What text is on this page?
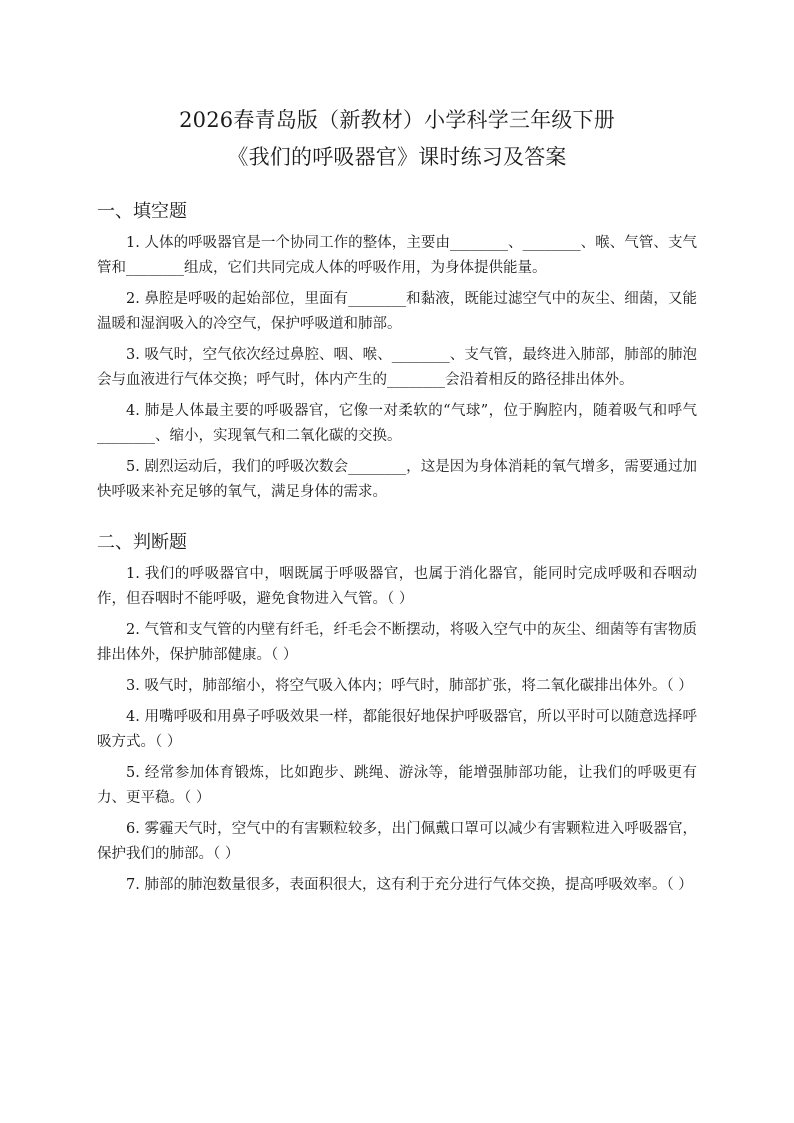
2026春青岛版（新教材）小学科学三年级下册
《我们的呼吸器官》课时练习及答案
一、填空题
1. 人体的呼吸器官是一个协同工作的整体，主要由________、________、喉、气管、支气管和________组成，它们共同完成人体的呼吸作用，为身体提供能量。
2. 鼻腔是呼吸的起始部位，里面有________和黏液，既能过滤空气中的灰尘、细菌，又能温暖和湿润吸入的冷空气，保护呼吸道和肺部。
3. 吸气时，空气依次经过鼻腔、咽、喉、________、支气管，最终进入肺部，肺部的肺泡会与血液进行气体交换；呼气时，体内产生的________会沿着相反的路径排出体外。
4. 肺是人体最主要的呼吸器官，它像一对柔软的“气球”，位于胸腔内，随着吸气和呼气________、缩小，实现氧气和二氧化碳的交换。
5. 剧烈运动后，我们的呼吸次数会________，这是因为身体消耗的氧气增多，需要通过加快呼吸来补充足够的氧气，满足身体的需求。
二、判断题
1. 我们的呼吸器官中，咽既属于呼吸器官，也属于消化器官，能同时完成呼吸和吞咽动作，但吞咽时不能呼吸，避免食物进入气管。（ ）
2. 气管和支气管的内壁有纤毛，纤毛会不断摆动，将吸入空气中的灰尘、细菌等有害物质排出体外，保护肺部健康。（ ）
3. 吸气时，肺部缩小，将空气吸入体内；呼气时，肺部扩张，将二氧化碳排出体外。（ ）
4. 用嘴呼吸和用鼻子呼吸效果一样，都能很好地保护呼吸器官，所以平时可以随意选择呼吸方式。（ ）
5. 经常参加体育锻炼，比如跑步、跳绳、游泳等，能增强肺部功能，让我们的呼吸更有力、更平稳。（ ）
6. 雾霾天气时，空气中的有害颗粒较多，出门佩戴口罩可以减少有害颗粒进入呼吸器官，保护我们的肺部。（ ）
7. 肺部的肺泡数量很多，表面积很大，这有利于充分进行气体交换，提高呼吸效率。（ ）
